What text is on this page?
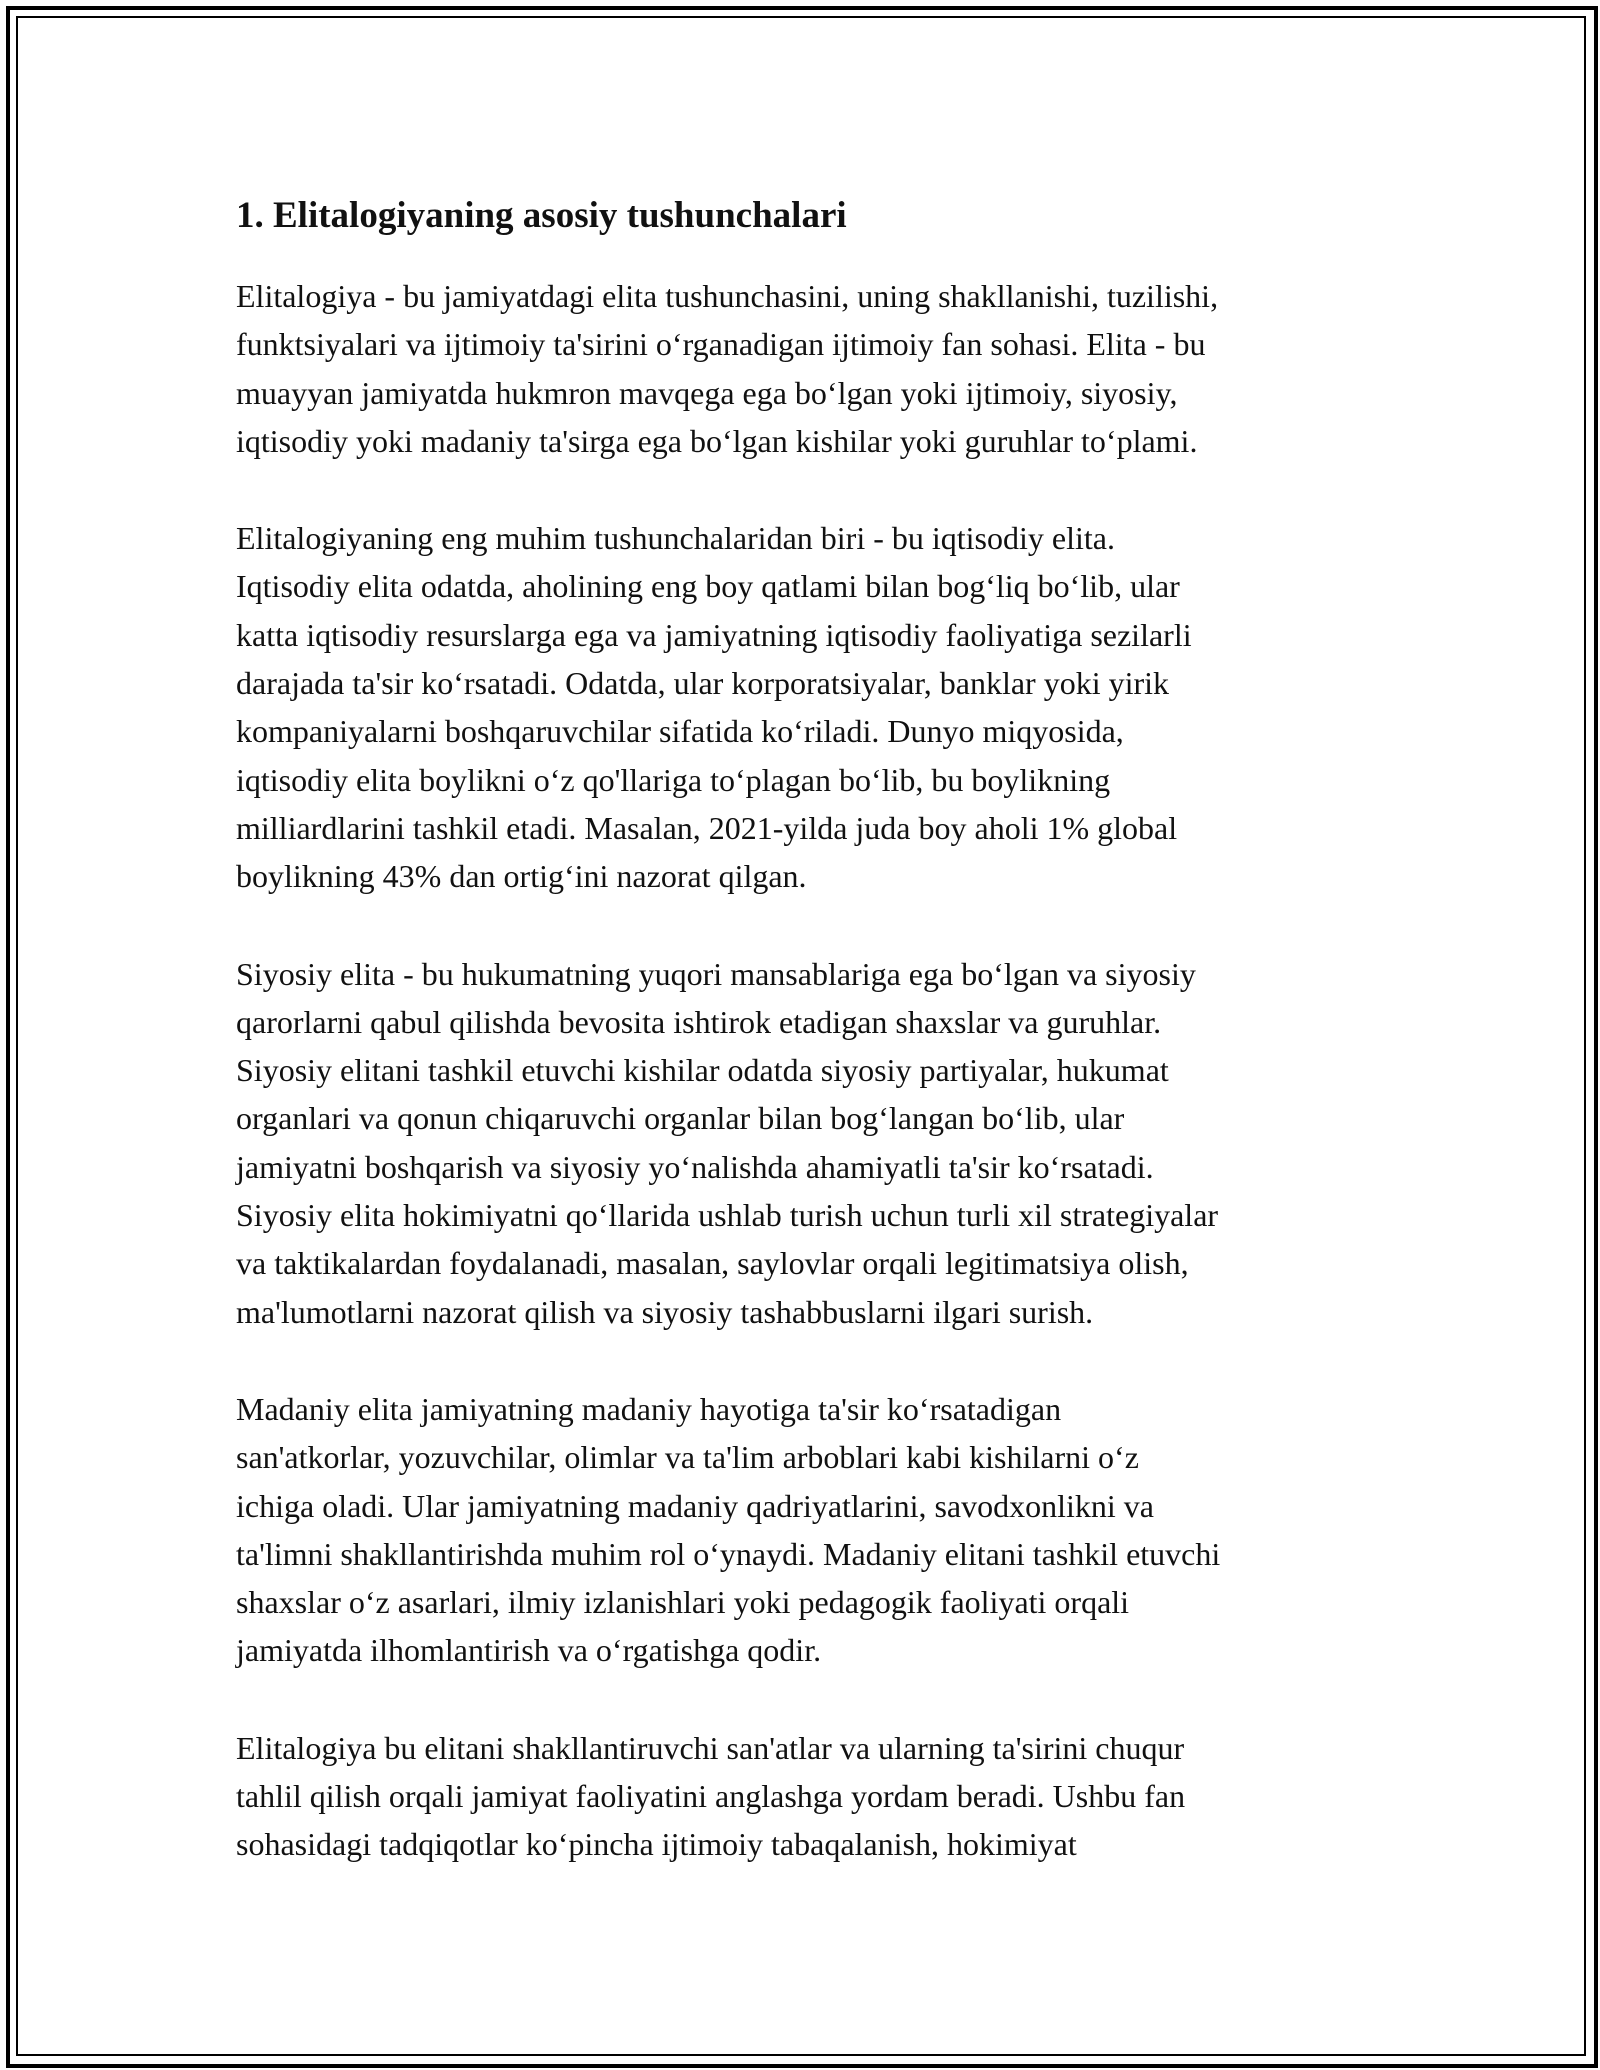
1. Elitalogiyaning asosiy tushunchalari

Elitalogiya - bu jamiyatdagi elita tushunchasini, uning shakllanishi, tuzilishi,
funktsiyalari va ijtimoiy ta'sirini oʻrganadigan ijtimoiy fan sohasi. Elita - bu
muayyan jamiyatda hukmron mavqega ega boʻlgan yoki ijtimoiy, siyosiy,
iqtisodiy yoki madaniy ta'sirga ega boʻlgan kishilar yoki guruhlar toʻplami.

Elitalogiyaning eng muhim tushunchalaridan biri - bu iqtisodiy elita.
Iqtisodiy elita odatda, aholining eng boy qatlami bilan bogʻliq boʻlib, ular
katta iqtisodiy resurslarga ega va jamiyatning iqtisodiy faoliyatiga sezilarli
darajada ta'sir koʻrsatadi. Odatda, ular korporatsiyalar, banklar yoki yirik
kompaniyalarni boshqaruvchilar sifatida koʻriladi. Dunyo miqyosida,
iqtisodiy elita boylikni oʻz qo'llariga toʻplagan boʻlib, bu boylikning
milliardlarini tashkil etadi. Masalan, 2021-yilda juda boy aholi 1% global
boylikning 43% dan ortigʻini nazorat qilgan.

Siyosiy elita - bu hukumatning yuqori mansablariga ega boʻlgan va siyosiy
qarorlarni qabul qilishda bevosita ishtirok etadigan shaxslar va guruhlar.
Siyosiy elitani tashkil etuvchi kishilar odatda siyosiy partiyalar, hukumat
organlari va qonun chiqaruvchi organlar bilan bogʻlangan boʻlib, ular
jamiyatni boshqarish va siyosiy yoʻnalishda ahamiyatli ta'sir koʻrsatadi.
Siyosiy elita hokimiyatni qoʻllarida ushlab turish uchun turli xil strategiyalar
va taktikalardan foydalanadi, masalan, saylovlar orqali legitimatsiya olish,
ma'lumotlarni nazorat qilish va siyosiy tashabbuslarni ilgari surish.

Madaniy elita jamiyatning madaniy hayotiga ta'sir koʻrsatadigan
san'atkorlar, yozuvchilar, olimlar va ta'lim arboblari kabi kishilarni oʻz
ichiga oladi. Ular jamiyatning madaniy qadriyatlarini, savodxonlikni va
ta'limni shakllantirishda muhim rol oʻynaydi. Madaniy elitani tashkil etuvchi
shaxslar oʻz asarlari, ilmiy izlanishlari yoki pedagogik faoliyati orqali
jamiyatda ilhomlantirish va oʻrgatishga qodir.

Elitalogiya bu elitani shakllantiruvchi san'atlar va ularning ta'sirini chuqur
tahlil qilish orqali jamiyat faoliyatini anglashga yordam beradi. Ushbu fan
sohasidagi tadqiqotlar koʻpincha ijtimoiy tabaqalanish, hokimiyat
